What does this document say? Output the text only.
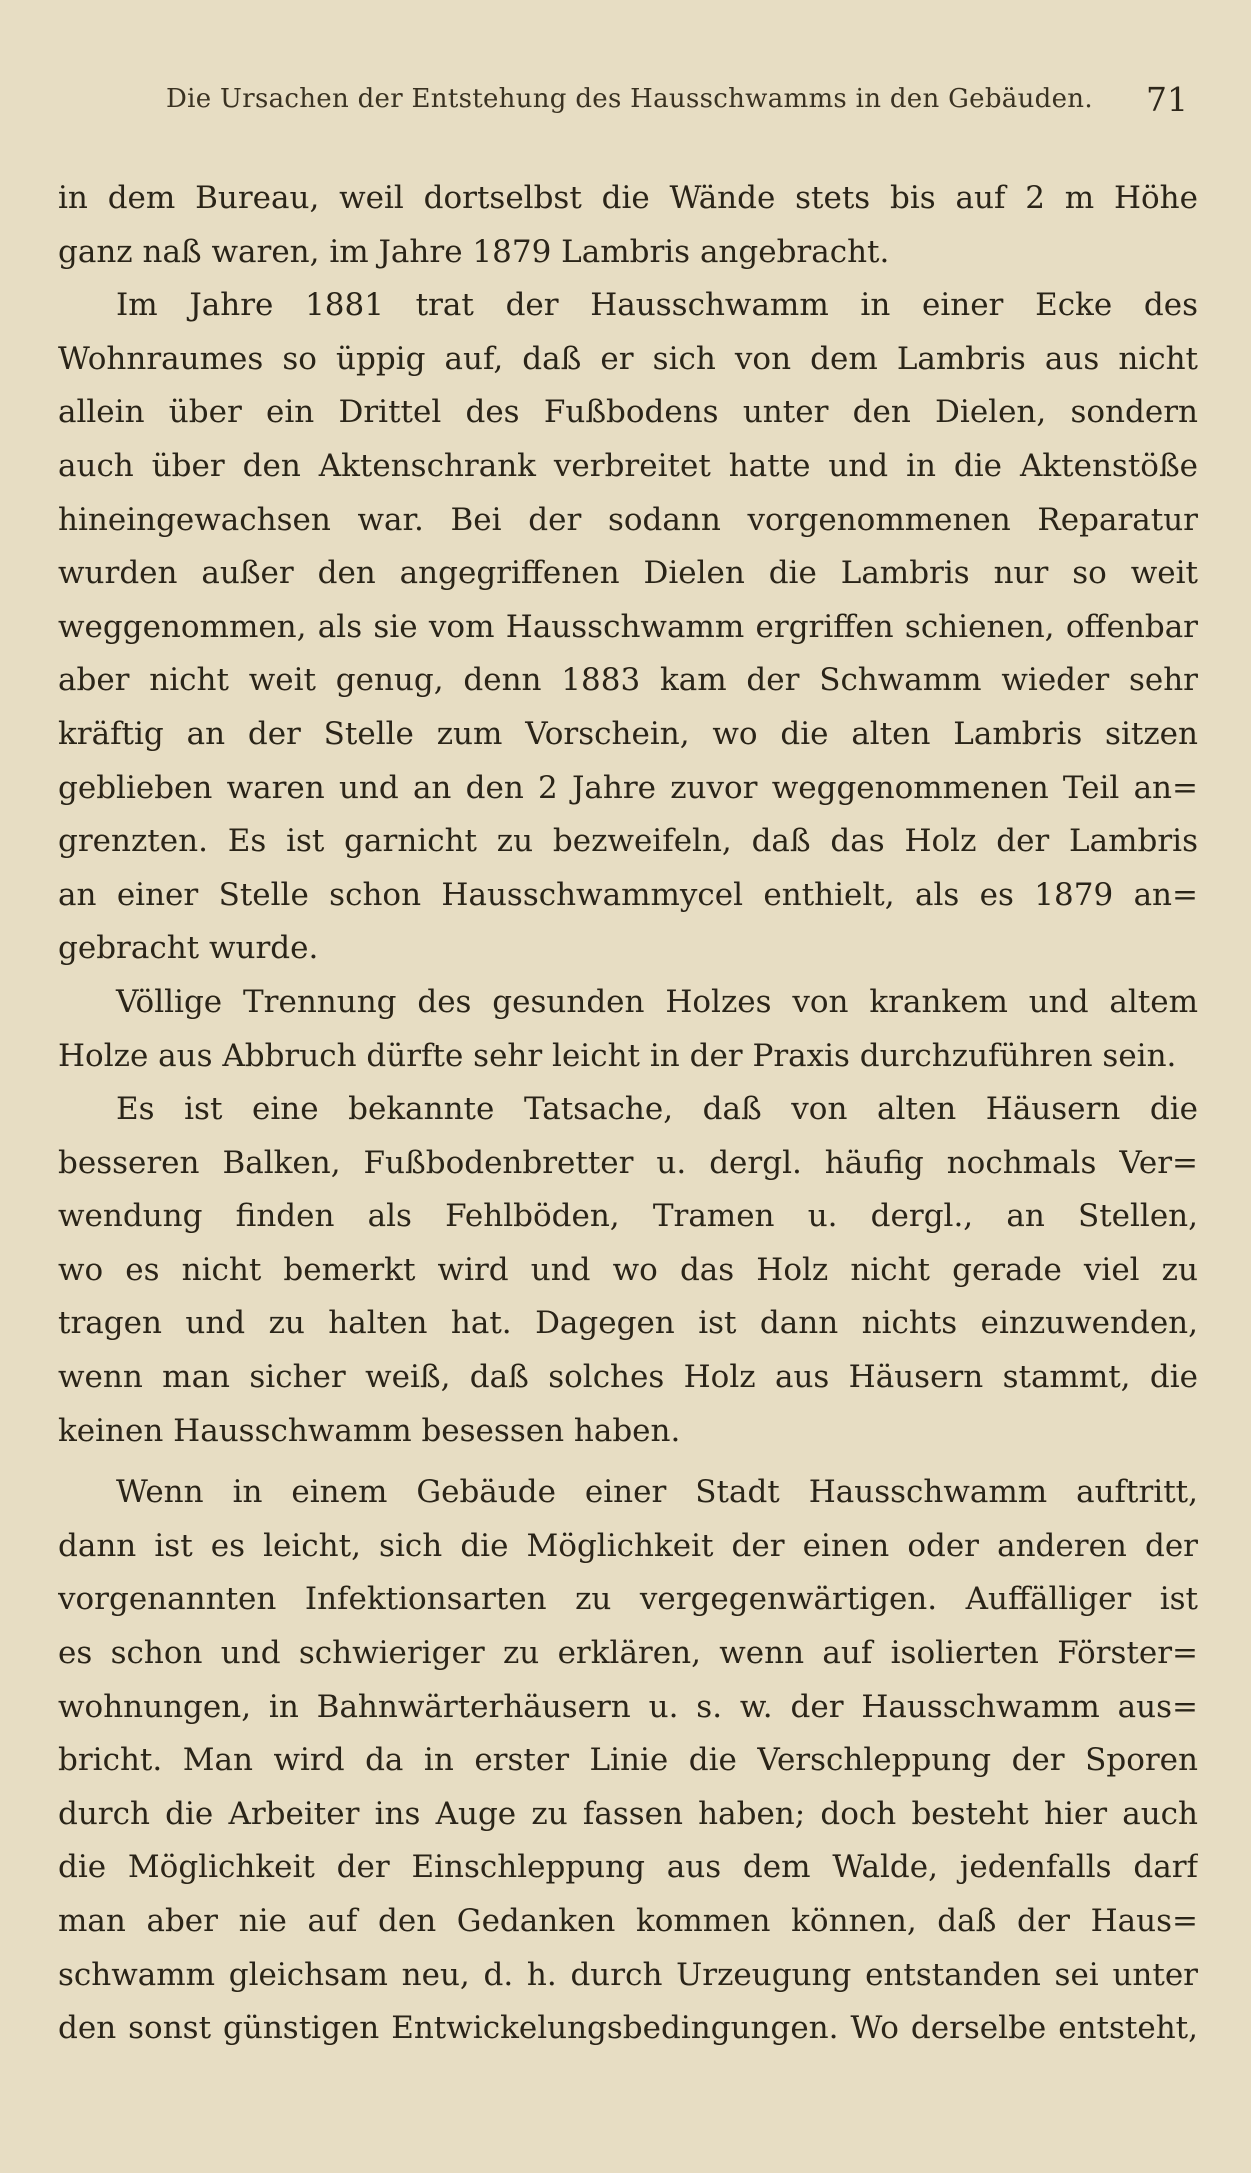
Die Ursachen der Entstehung des Hausschwamms in den Gebäuden. 71
in dem Bureau, weil dortselbst die Wände stets bis auf 2 m Höhe
ganz naß waren, im Jahre 1879 Lambris angebracht.
Im Jahre 1881 trat der Hausschwamm in einer Ecke des
Wohnraumes so üppig auf, daß er sich von dem Lambris aus nicht
allein über ein Drittel des Fußbodens unter den Dielen, sondern
auch über den Aktenschrank verbreitet hatte und in die Aktenstöße
hineingewachsen war. Bei der sodann vorgenommenen Reparatur
wurden außer den angegriffenen Dielen die Lambris nur so weit
weggenommen, als sie vom Hausschwamm ergriffen schienen, offenbar
aber nicht weit genug, denn 1883 kam der Schwamm wieder sehr
kräftig an der Stelle zum Vorschein, wo die alten Lambris sitzen
geblieben waren und an den 2 Jahre zuvor weggenommenen Teil an=
grenzten. Es ist garnicht zu bezweifeln, daß das Holz der Lambris
an einer Stelle schon Hausschwammycel enthielt, als es 1879 an=
gebracht wurde.
Völlige Trennung des gesunden Holzes von krankem und altem
Holze aus Abbruch dürfte sehr leicht in der Praxis durchzuführen sein.
Es ist eine bekannte Tatsache, daß von alten Häusern die
besseren Balken, Fußbodenbretter u. dergl. häufig nochmals Ver=
wendung finden als Fehlböden, Tramen u. dergl., an Stellen,
wo es nicht bemerkt wird und wo das Holz nicht gerade viel zu
tragen und zu halten hat. Dagegen ist dann nichts einzuwenden,
wenn man sicher weiß, daß solches Holz aus Häusern stammt, die
keinen Hausschwamm besessen haben.
Wenn in einem Gebäude einer Stadt Hausschwamm auftritt,
dann ist es leicht, sich die Möglichkeit der einen oder anderen der
vorgenannten Infektionsarten zu vergegenwärtigen. Auffälliger ist
es schon und schwieriger zu erklären, wenn auf isolierten Förster=
wohnungen, in Bahnwärterhäusern u. s. w. der Hausschwamm aus=
bricht. Man wird da in erster Linie die Verschleppung der Sporen
durch die Arbeiter ins Auge zu fassen haben; doch besteht hier auch
die Möglichkeit der Einschleppung aus dem Walde, jedenfalls darf
man aber nie auf den Gedanken kommen können, daß der Haus=
schwamm gleichsam neu, d. h. durch Urzeugung entstanden sei unter
den sonst günstigen Entwickelungsbedingungen. Wo derselbe entsteht,
